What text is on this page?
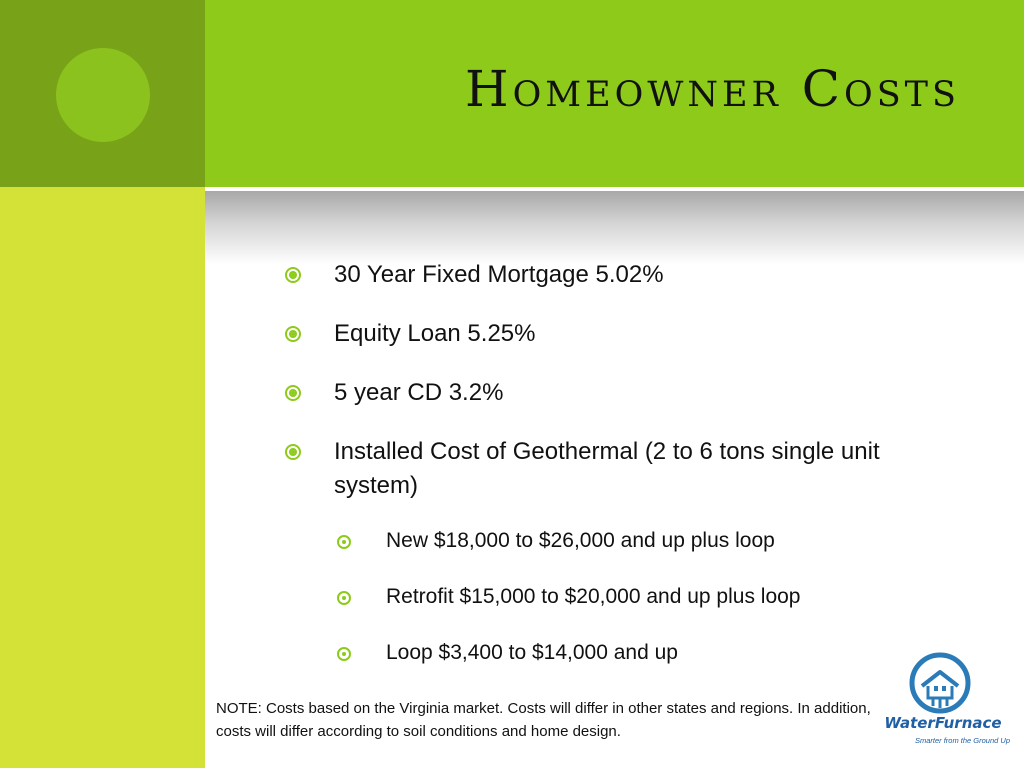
Homeowner Costs
30 Year Fixed Mortgage 5.02%
Equity Loan 5.25%
5 year CD 3.2%
Installed Cost of Geothermal (2 to 6 tons single unit system)
New $18,000 to $26,000 and up plus loop
Retrofit $15,000 to $20,000 and up plus loop
Loop $3,400 to $14,000 and up

NOTE: Costs based on the Virginia market. Costs will differ in other states and regions. In addition, costs will differ according to soil conditions and home design.	WaterFurnace
Smarter from the Ground Up
